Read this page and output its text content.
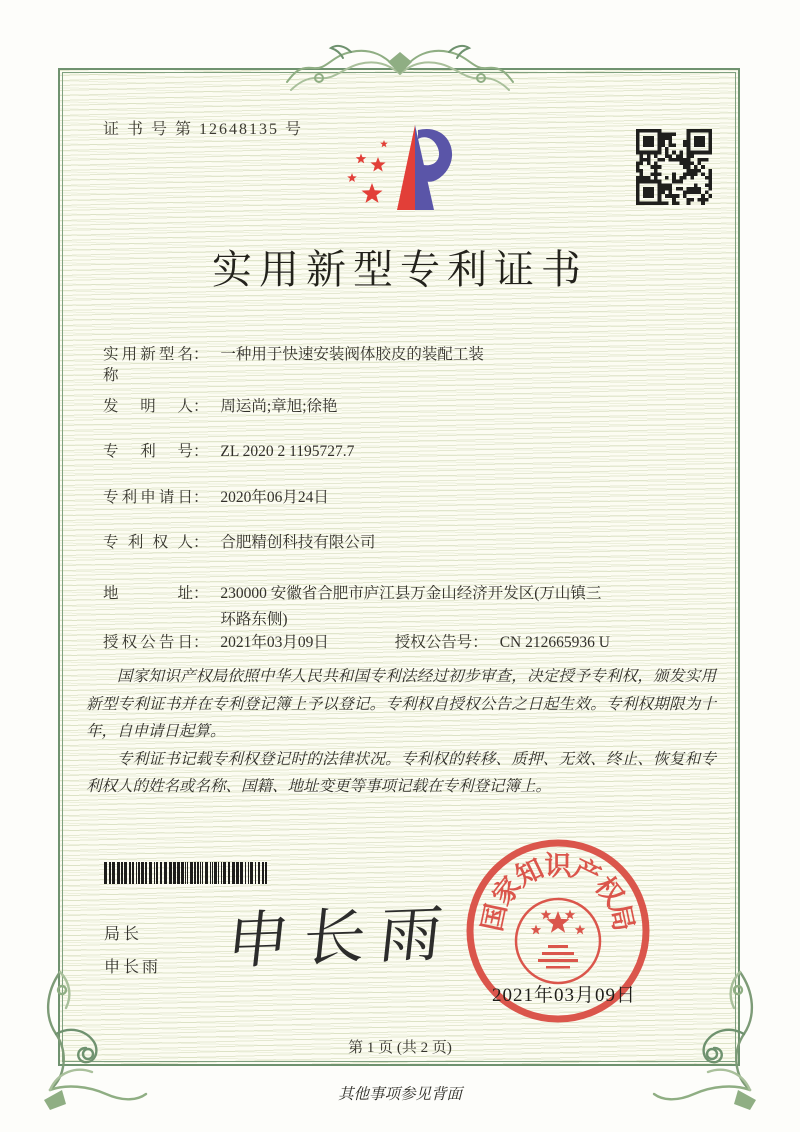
证 书 号 第 12648135 号
实用新型专利证书
实用新型名称： 一种用于快速安装阀体胶皮的装配工装
发明人： 周运尚;章旭;徐艳
专利号： ZL 2020 2 1195727.7
专利申请日： 2020年06月24日
专利权人： 合肥精创科技有限公司
地址： 230000 安徽省合肥市庐江县万金山经济开发区(万山镇三
环路东侧)
授权公告日： 2021年03月09日	授权公告号： CN 212665936 U

国家知识产权局依照中华人民共和国专利法经过初步审查，决定授予专利权，颁发实用新型专利证书并在专利登记簿上予以登记。专利权自授权公告之日起生效。专利权期限为十年，自申请日起算。

专利证书记载专利权登记时的法律状况。专利权的转移、质押、无效、终止、恢复和专利权人的姓名或名称、国籍、地址变更等事项记载在专利登记簿上。

局长
申长雨 申长雨 国
家
知
识
产
权
局
2021年03月09日
第 1 页 (共 2 页)
其他事项参见背面
